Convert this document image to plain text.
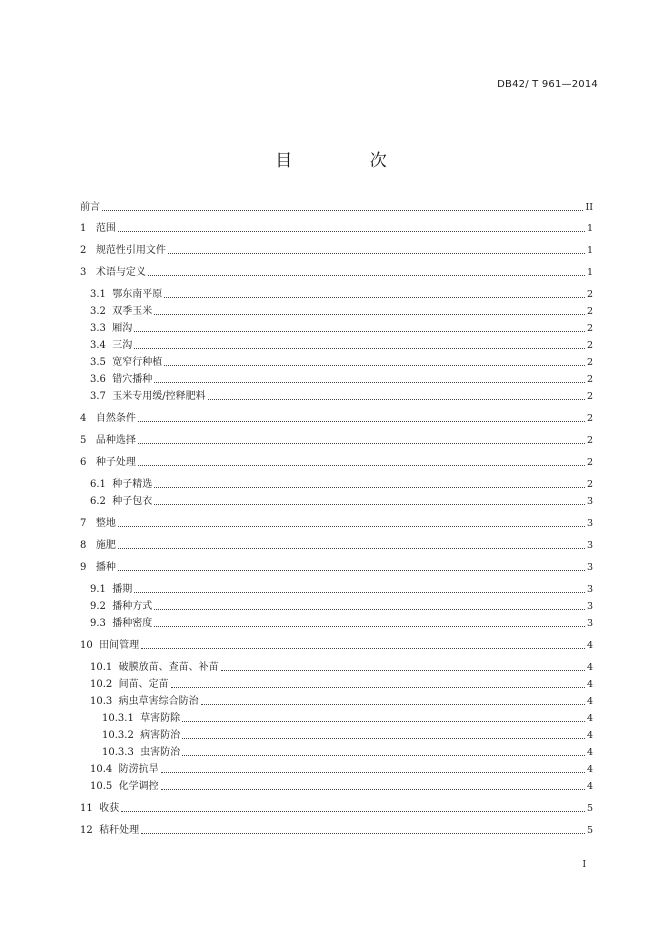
DB42/ T 961—2014
目 次
前言	II
1 范围	1
2 规范性引用文件	1
3 术语与定义	1
3.1 鄂东南平原	2
3.2 双季玉米	2
3.3 厢沟	2
3.4 三沟	2
3.5 宽窄行种植	2
3.6 错穴播种	2
3.7 玉米专用缓/控释肥料	2
4 自然条件	2
5 品种选择	2
6 种子处理	2
6.1 种子精选	2
6.2 种子包衣	3
7 整地	3
8 施肥	3
9 播种	3
9.1 播期	3
9.2 播种方式	3
9.3 播种密度	3
10 田间管理	4
10.1 破膜放苗、查苗、补苗	4
10.2 间苗、定苗	4
10.3 病虫草害综合防治	4
10.3.1 草害防除	4
10.3.2 病害防治	4
10.3.3 虫害防治	4
10.4 防涝抗旱	4
10.5 化学调控	4
11 收获	5
12 秸秆处理	5
I
